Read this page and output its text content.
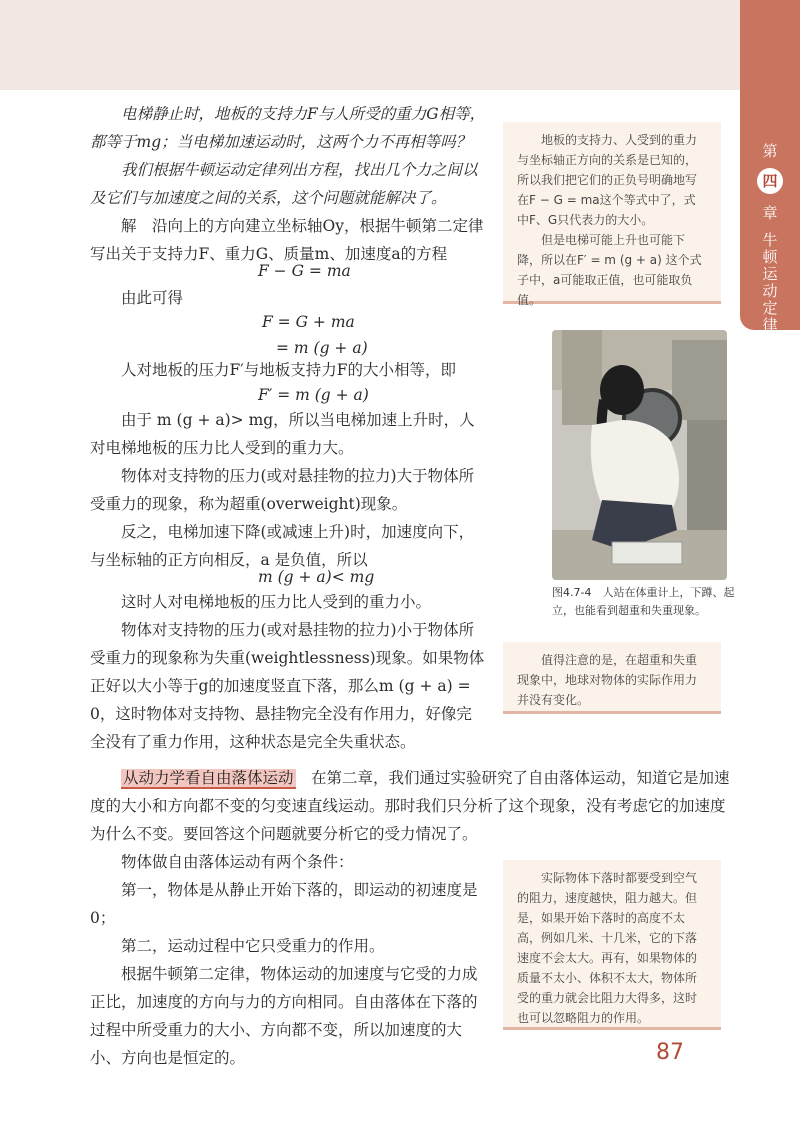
第
四
章
牛顿运动定律

电梯静止时，地板的支持力F与人所受的重力G相等，都等于mg；当电梯加速运动时，这两个力不再相等吗？

我们根据牛顿运动定律列出方程，找出几个力之间以及它们与加速度之间的关系，这个问题就能解决了。

解　沿向上的方向建立坐标轴Oy，根据牛顿第二定律写出关于支持力F、重力G、质量m、加速度a的方程

F − G = ma

由此可得

F = G + ma
= m (g + a)

人对地板的压力F′与地板支持力F的大小相等，即

F′ = m (g + a)

由于 m (g + a)> mg，所以当电梯加速上升时，人对电梯地板的压力比人受到的重力大。

物体对支持物的压力(或对悬挂物的拉力)大于物体所受重力的现象，称为超重(overweight)现象。

反之，电梯加速下降(或减速上升)时，加速度向下，与坐标轴的正方向相反，a 是负值，所以

m (g + a)< mg

这时人对电梯地板的压力比人受到的重力小。

物体对支持物的压力(或对悬挂物的拉力)小于物体所受重力的现象称为失重(weightlessness)现象。如果物体正好以大小等于g的加速度竖直下落，那么m (g + a) = 0，这时物体对支持物、悬挂物完全没有作用力，好像完全没有了重力作用，这种状态是完全失重状态。

地板的支持力、人受到的重力与坐标轴正方向的关系是已知的，所以我们把它们的正负号明确地写在F − G = ma这个等式中了，式中F、G只代表力的大小。

但是电梯可能上升也可能下降，所以在F′ = m (g + a) 这个式子中，a可能取正值，也可能取负值。

图4.7-4　人站在体重计上，下蹲、起立，也能看到超重和失重现象。

值得注意的是，在超重和失重现象中，地球对物体的实际作用力并没有变化。

从动力学看自由落体运动　 在第二章，我们通过实验研究了自由落体运动，知道它是加速度的大小和方向都不变的匀变速直线运动。那时我们只分析了这个现象，没有考虑它的加速度为什么不变。要回答这个问题就要分析它的受力情况了。

物体做自由落体运动有两个条件：

第一，物体是从静止开始下落的，即运动的初速度是 0；

第二，运动过程中它只受重力的作用。

根据牛顿第二定律，物体运动的加速度与它受的力成正比，加速度的方向与力的方向相同。自由落体在下落的过程中所受重力的大小、方向都不变，所以加速度的大小、方向也是恒定的。

实际物体下落时都要受到空气的阻力，速度越快，阻力越大。但是，如果开始下落时的高度不太高，例如几米、十几米，它的下落速度不会太大。再有，如果物体的质量不太小、体积不太大，物体所受的重力就会比阻力大得多，这时也可以忽略阻力的作用。

87
